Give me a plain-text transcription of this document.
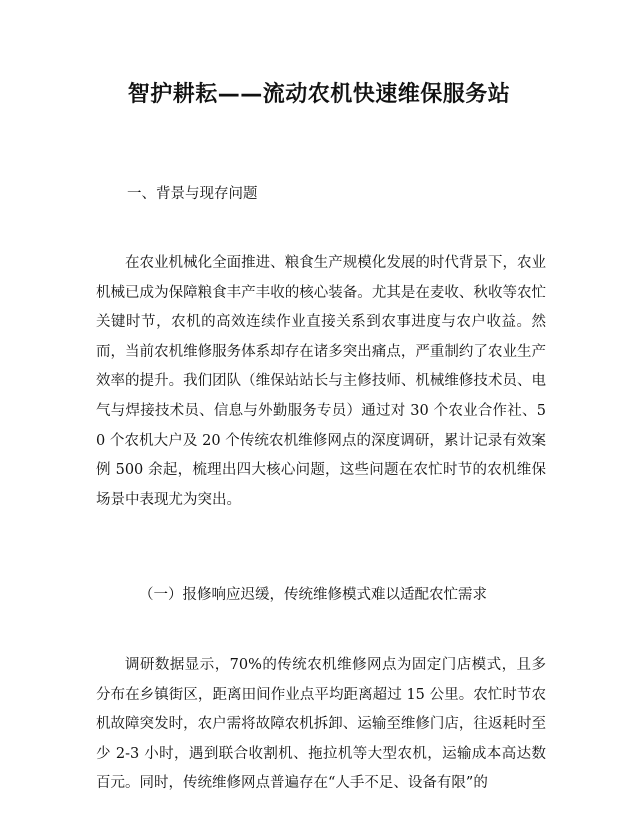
智护耕耘——流动农机快速维保服务站
一、背景与现存问题

在农业机械化全面推进、粮食生产规模化发展的时代背景下，农业机械已成为保障粮食丰产丰收的核心装备。尤其是在麦收、秋收等农忙关键时节，农机的高效连续作业直接关系到农事进度与农户收益。然而，当前农机维修服务体系却存在诸多突出痛点，严重制约了农业生产效率的提升。我们团队（维保站站长与主修技师、机械维修技术员、电气与焊接技术员、信息与外勤服务专员）通过对 30 个农业合作社、50 个农机大户及 20 个传统农机维修网点的深度调研，累计记录有效案例 500 余起，梳理出四大核心问题，这些问题在农忙时节的农机维保场景中表现尤为突出。

（一）报修响应迟缓，传统维修模式难以适配农忙需求

调研数据显示，70%的传统农机维修网点为固定门店模式，且多分布在乡镇街区，距离田间作业点平均距离超过 15 公里。农忙时节农机故障突发时，农户需将故障农机拆卸、运输至维修门店，往返耗时至少 2-3 小时，遇到联合收割机、拖拉机等大型农机，运输成本高达数百元。同时，传统维修网点普遍存在“人手不足、设备有限”的
